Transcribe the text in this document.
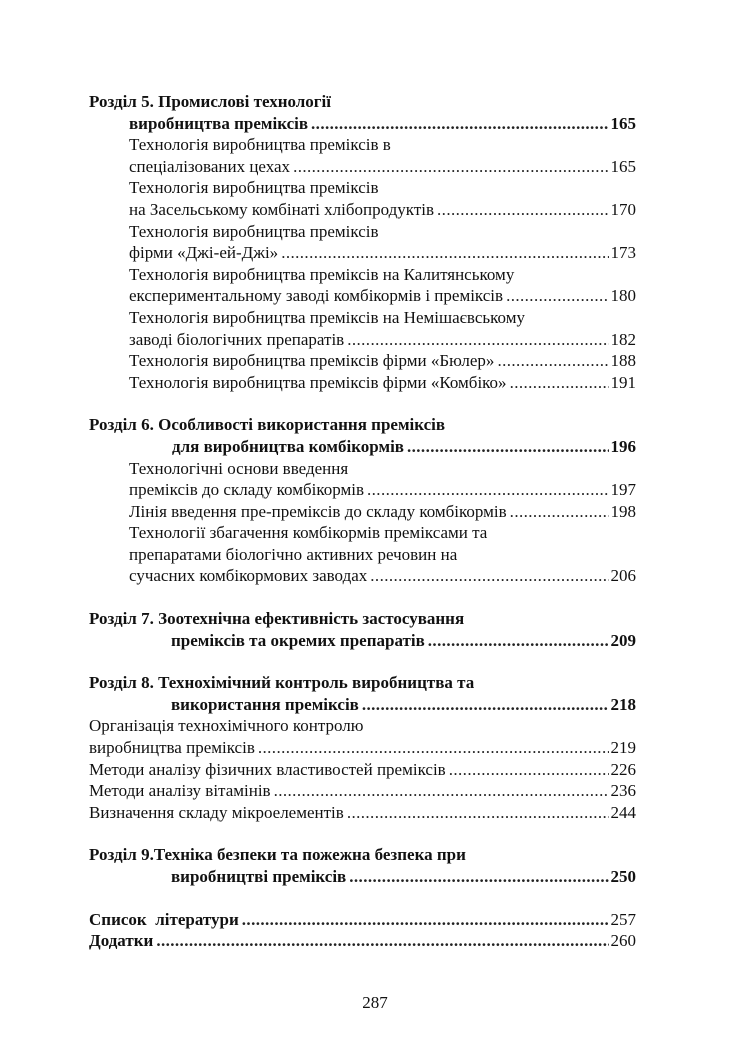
Розділ 5. Промислові технології
виробництва преміксів .....	165
Технологія виробництва преміксів в
спеціалізованих цехах .....	165
Технологія виробництва преміксів
на Засельському комбінаті хлібопродуктів .....	170
Технологія виробництва преміксів
фірми «Джі-ей-Джі» .....	173
Технологія виробництва преміксів на Калитянському
експериментальному заводі комбікормів і преміксів .....	180
Технологія виробництва преміксів на Немішаєвському
заводі біологічних препаратів .....	182
Технологія виробництва преміксів фірми «Бюлер» .....	188
Технологія виробництва преміксів фірми «Комбіко» .....	191
Розділ 6. Особливості використання преміксів
для виробництва комбікормів .....	196
Технологічні основи введення
преміксів до складу комбікормів .....	197
Лінія введення пре-преміксів до складу комбікормів .....	198
Технології збагачення комбікормів преміксами та
препаратами біологічно активних речовин на
сучасних комбікормових заводах .....	206
Розділ 7. Зоотехнічна ефективність застосування
преміксів та окремих препаратів .....	209
Розділ 8. Технохімічний контроль виробництва та
використання преміксів .....	218
Організація технохімічного контролю
виробництва преміксів .....	219
Методи аналізу фізичних властивостей преміксів .....	226
Методи аналізу вітамінів .....	236
Визначення складу мікроелементів .....	244
Розділ 9.Техніка безпеки та пожежна безпека при
виробництві преміксів .....	250
Список  літератури .....	257
Додатки .....	260
287
